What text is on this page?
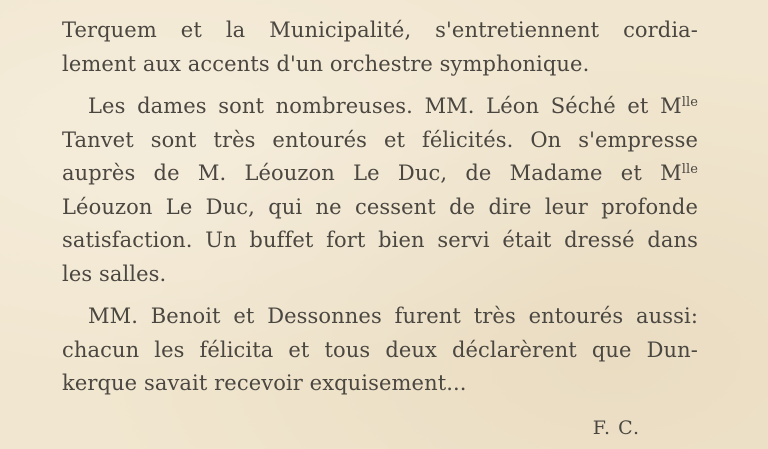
Terquem et la Municipalité, s'entretiennent cordia-
lement aux accents d'un orchestre symphonique.

Les dames sont nombreuses. MM. Léon Séché et $M^{lle}$
Tanvet sont très entourés et félicités. On s'empresse
auprès de M. Léouzon Le Duc, de Madame et $M^{lle}$
Léouzon Le Duc, qui ne cessent de dire leur profonde
satisfaction. Un buffet fort bien servi était dressé dans
les salles.

MM. Benoit et Dessonnes furent très entourés aussi:
chacun les félicita et tous deux déclarèrent que Dun-
kerque savait recevoir exquisement...

F. C.
